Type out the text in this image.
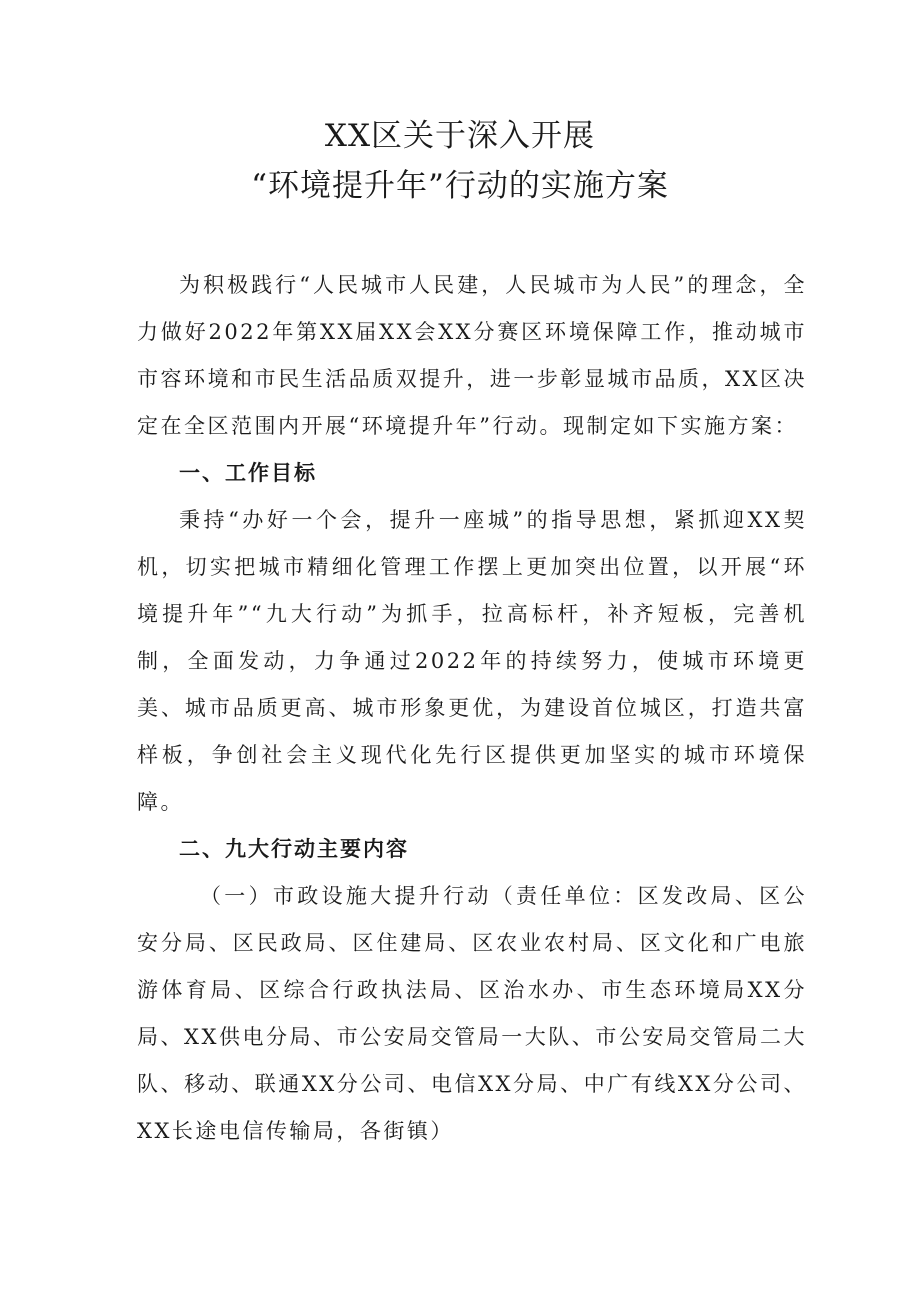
XX区关于深入开展
“环境提升年”行动的实施方案

为积极践行“人民城市人民建，人民城市为人民”的理念，全力做好2022年第XX届XX会XX分赛区环境保障工作，推动城市市容环境和市民生活品质双提升，进一步彰显城市品质，XX区决定在全区范围内开展“环境提升年”行动。现制定如下实施方案：

一、工作目标

秉持“办好一个会，提升一座城”的指导思想，紧抓迎XX契机，切实把城市精细化管理工作摆上更加突出位置，以开展“环境提升年”“九大行动”为抓手，拉高标杆，补齐短板，完善机制，全面发动，力争通过2022年的持续努力，使城市环境更美、城市品质更高、城市形象更优，为建设首位城区，打造共富样板，争创社会主义现代化先行区提供更加坚实的城市环境保障。

二、九大行动主要内容

（一）市政设施大提升行动（责任单位：区发改局、区公安分局、区民政局、区住建局、区农业农村局、区文化和广电旅游体育局、区综合行政执法局、区治水办、市生态环境局XX分局、XX供电分局、市公安局交管局一大队、市公安局交管局二大队、移动、联通XX分公司、电信XX分局、中广有线XX分公司、XX长途电信传输局，各街镇）
